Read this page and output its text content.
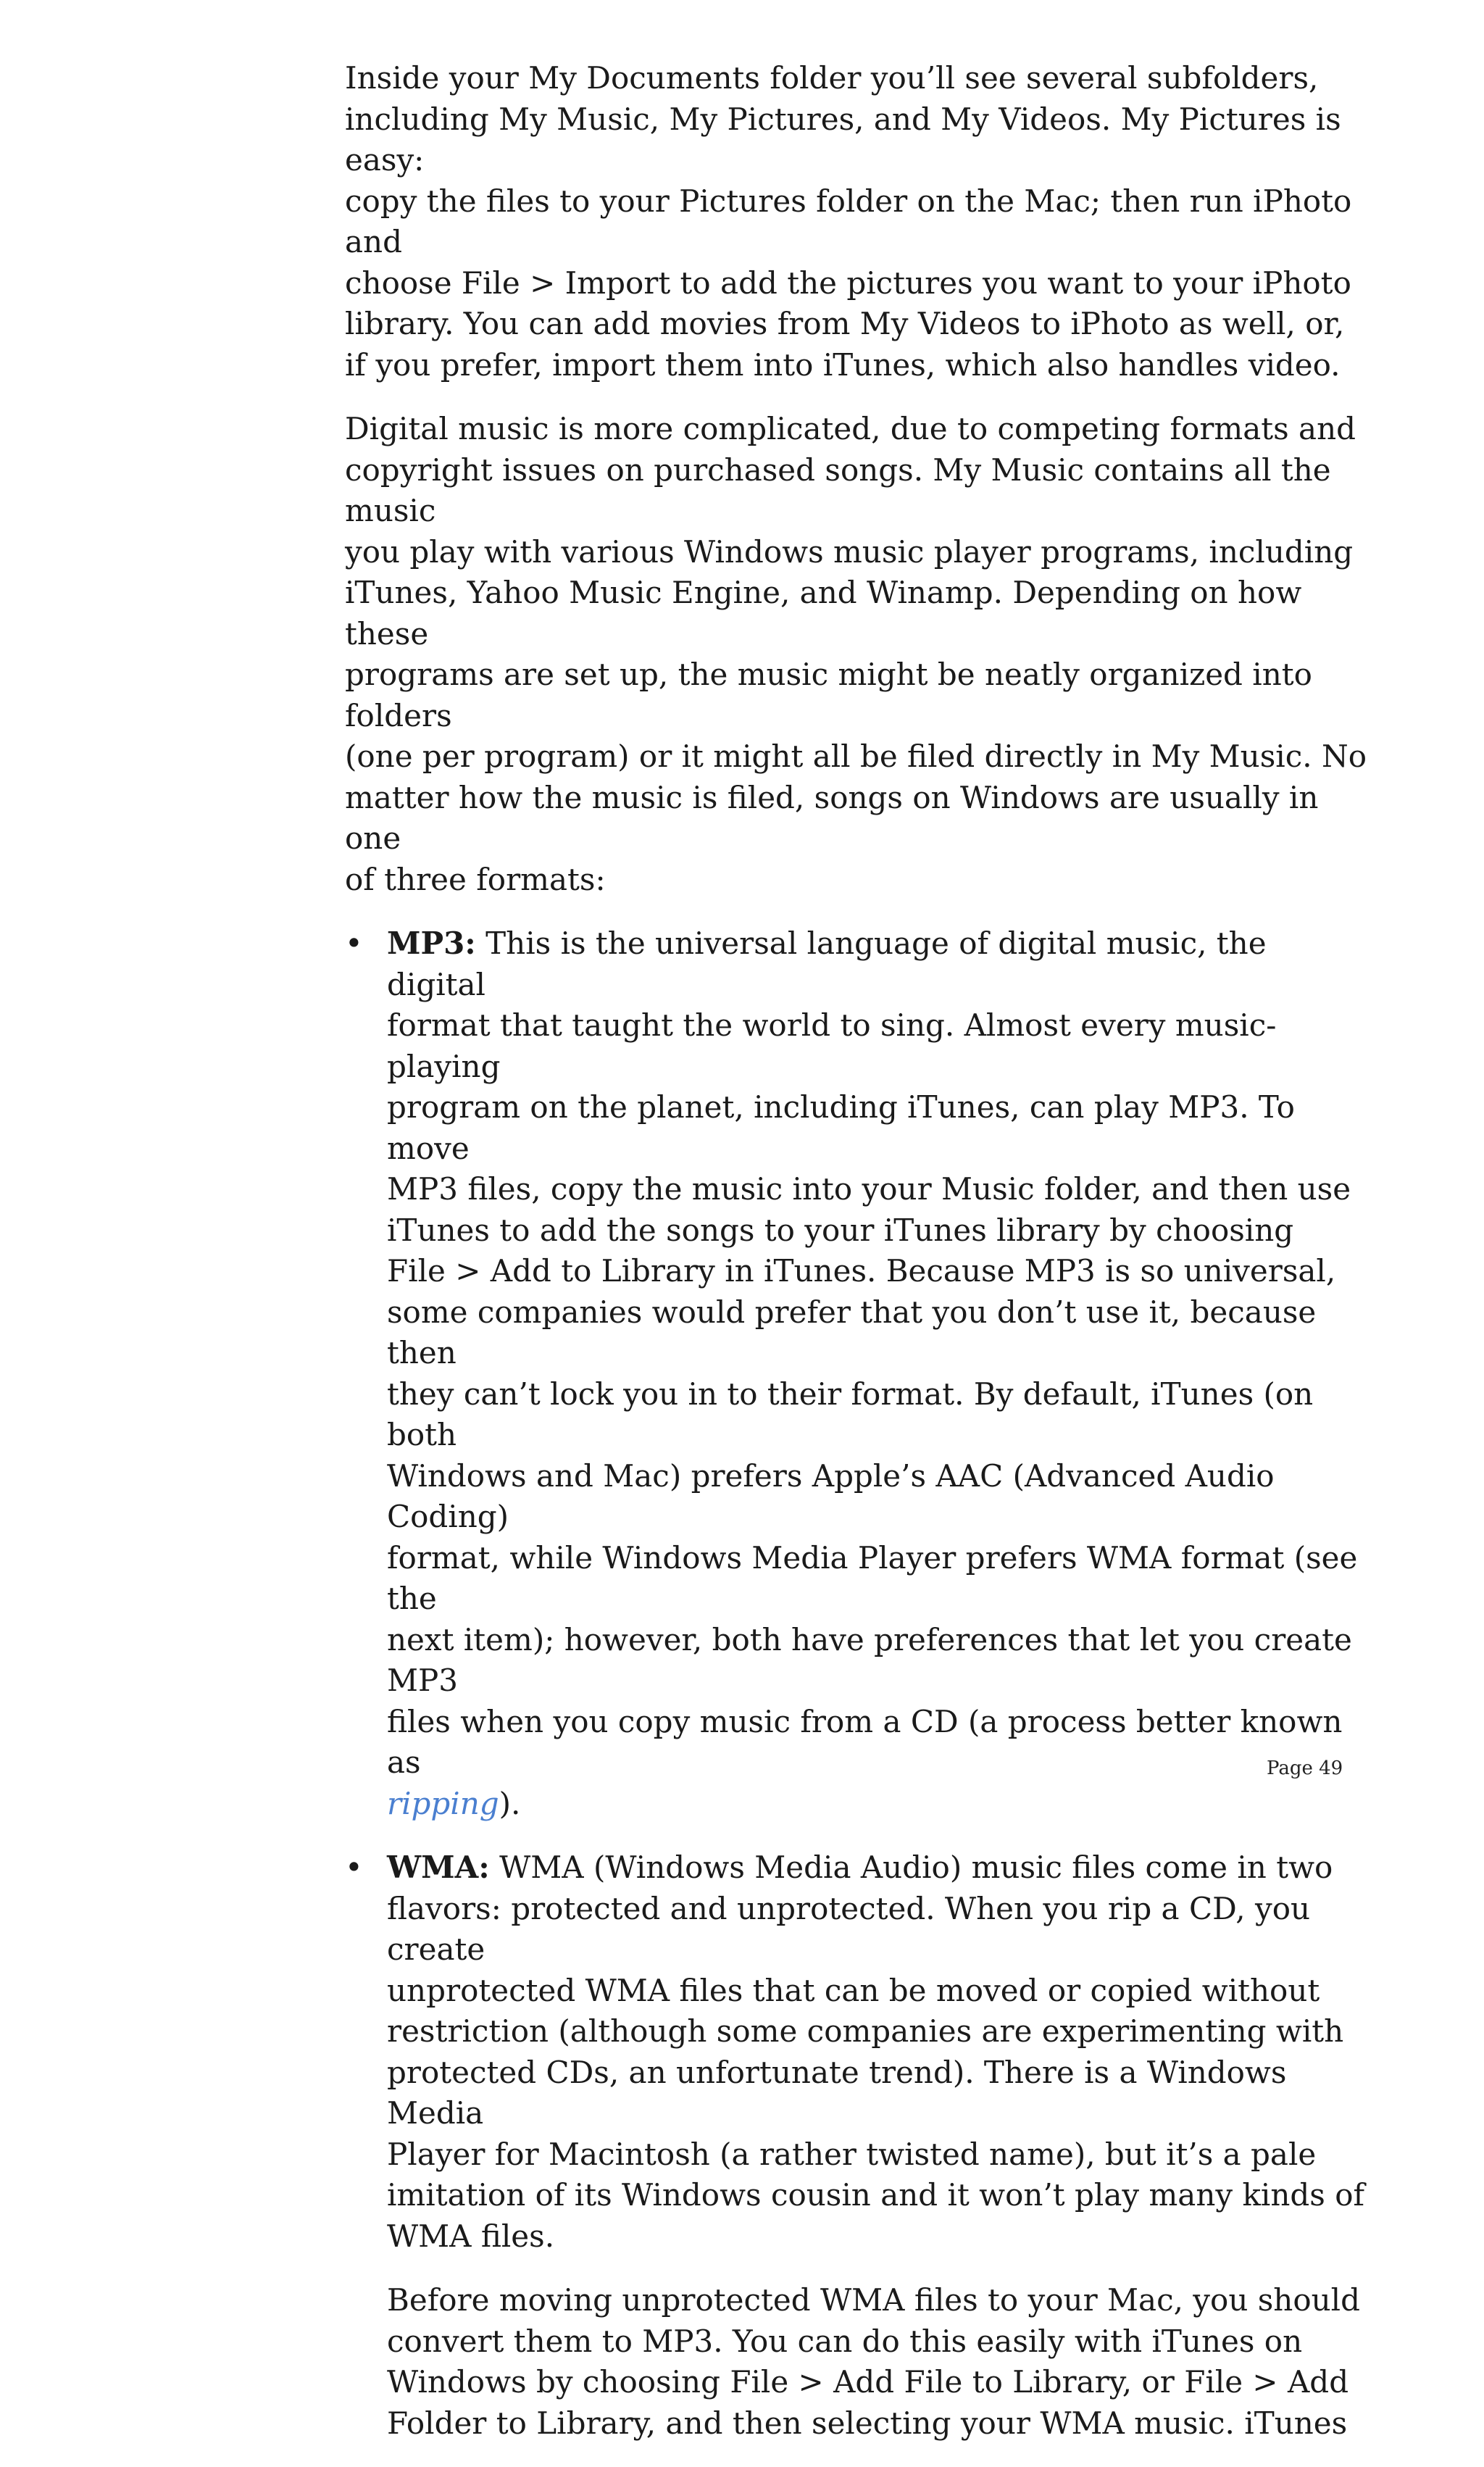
Inside your My Documents folder you’ll see several subfolders,
including My Music, My Pictures, and My Videos. My Pictures is easy:
copy the files to your Pictures folder on the Mac; then run iPhoto and
choose File > Import to add the pictures you want to your iPhoto
library. You can add movies from My Videos to iPhoto as well, or,
if you prefer, import them into iTunes, which also handles video.

Digital music is more complicated, due to competing formats and
copyright issues on purchased songs. My Music contains all the music
you play with various Windows music player programs, including
iTunes, Yahoo Music Engine, and Winamp. Depending on how these
programs are set up, the music might be neatly organized into folders
(one per program) or it might all be filed directly in My Music. No
matter how the music is filed, songs on Windows are usually in one
of three formats:

• MP3: This is the universal language of digital music, the digital
format that taught the world to sing. Almost every music-playing
program on the planet, including iTunes, can play MP3. To move
MP3 files, copy the music into your Music folder, and then use
iTunes to add the songs to your iTunes library by choosing
File > Add to Library in iTunes. Because MP3 is so universal,
some companies would prefer that you don’t use it, because then
they can’t lock you in to their format. By default, iTunes (on both
Windows and Mac) prefers Apple’s AAC (Advanced Audio Coding)
format, while Windows Media Player prefers WMA format (see the
next item); however, both have preferences that let you create MP3
files when you copy music from a CD (a process better known as
ripping).
• WMA: WMA (Windows Media Audio) music files come in two
flavors: protected and unprotected. When you rip a CD, you create
unprotected WMA files that can be moved or copied without
restriction (although some companies are experimenting with
protected CDs, an unfortunate trend). There is a Windows Media
Player for Macintosh (a rather twisted name), but it’s a pale
imitation of its Windows cousin and it won’t play many kinds of
WMA files.
Before moving unprotected WMA files to your Mac, you should
convert them to MP3. You can do this easily with iTunes on
Windows by choosing File > Add File to Library, or File > Add
Folder to Library, and then selecting your WMA music. iTunes
Page 49
